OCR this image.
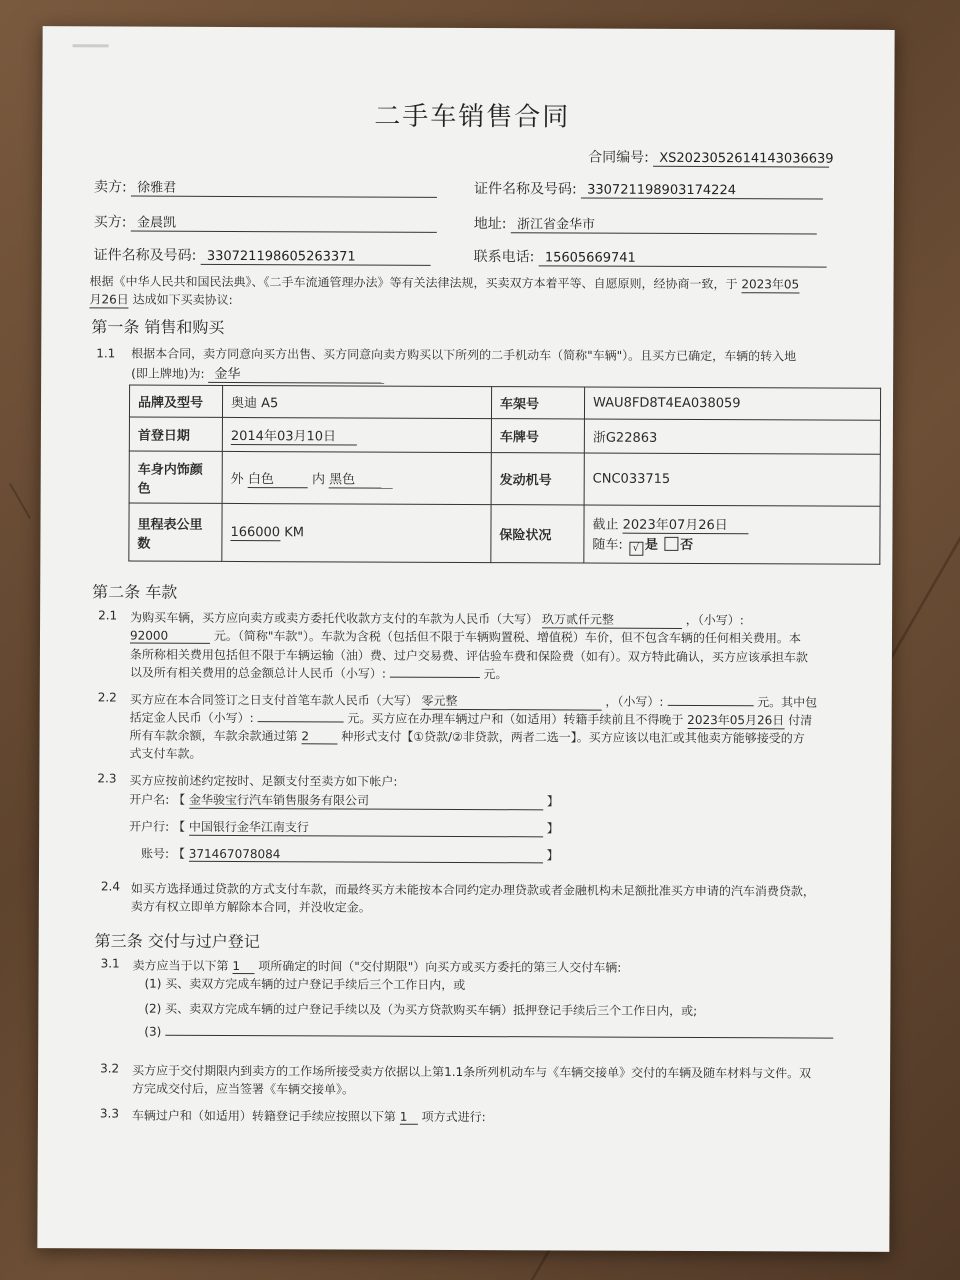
二手车销售合同
合同编号: XS2023052614143036639
卖方: 徐雅君	证件名称及号码: 330721198903174224
买方: 金晨凯	地址: 浙江省金华市
证件名称及号码: 330721198605263371	联系电话: 15605669741
根据《中华人民共和国民法典》、《二手车流通管理办法》等有关法律法规，买卖双方本着平等、自愿原则，经协商一致，于 2023年05
月26日 达成如下买卖协议:
第一条 销售和购买
1.1 根据本合同，卖方同意向买方出售、买方同意向卖方购买以下所列的二手机动车（简称"车辆"）。且买方已确定，车辆的转入地
(即上牌地)为: 金华
品牌及型号	奥迪 A5	车架号	WAU8FD8T4EA038059
首登日期	2014年03月10日	车牌号	浙G22863
车身内饰颜色	外 白色 内 黑色	发动机号	CNC033715
里程表公里数	166000 KM	保险状况	截止 2023年07月26日
随车: √ 是 否
第二条 车款
2.1 为购买车辆，买方应向卖方或卖方委托代收款方支付的车款为人民币（大写） 玖万贰仟元整	，（小写）:
92000	元。（简称"车款"）。车款为含税（包括但不限于车辆购置税、增值税）车价，但不包含车辆的任何相关费用。本
条所称相关费用包括但不限于车辆运输（油）费、过户交易费、评估验车费和保险费（如有）。双方特此确认，买方应该承担车款
以及所有相关费用的总金额总计人民币（小写）:	元。
2.2 买方应在本合同签订之日支付首笔车款人民币（大写） 零元整	，（小写）:	元。其中包
括定金人民币（小写）:	元。买方应在办理车辆过户和（如适用）转籍手续前且不得晚于 2023年05月26日 付清
所有车款余额，车款余款通过第 2	种形式支付【①贷款/②非贷款，两者二选一】。买方应该以电汇或其他卖方能够接受的方
式支付车款。
2.3 买方应按前述约定按时、足额支付至卖方如下帐户:
开户名: 【 金华骏宝行汽车销售服务有限公司	】
开户行: 【 中国银行金华江南支行	】
账号: 【 371467078084	】
2.4 如买方选择通过贷款的方式支付车款，而最终买方未能按本合同约定办理贷款或者金融机构未足额批准买方申请的汽车消费贷款，
卖方有权立即单方解除本合同，并没收定金。
第三条 交付与过户登记
3.1 卖方应当于以下第 1 项所确定的时间（"交付期限"）向买方或买方委托的第三人交付车辆:
(1) 买、卖双方完成车辆的过户登记手续后三个工作日内，或
(2) 买、卖双方完成车辆的过户登记手续以及（为买方贷款购买车辆）抵押登记手续后三个工作日内，或;
(3)
3.2 买方应于交付期限内到卖方的工作场所接受卖方依据以上第1.1条所列机动车与《车辆交接单》交付的车辆及随车材料与文件。双
方完成交付后，应当签署《车辆交接单》。
3.3 车辆过户和（如适用）转籍登记手续应按照以下第 1 项方式进行:
